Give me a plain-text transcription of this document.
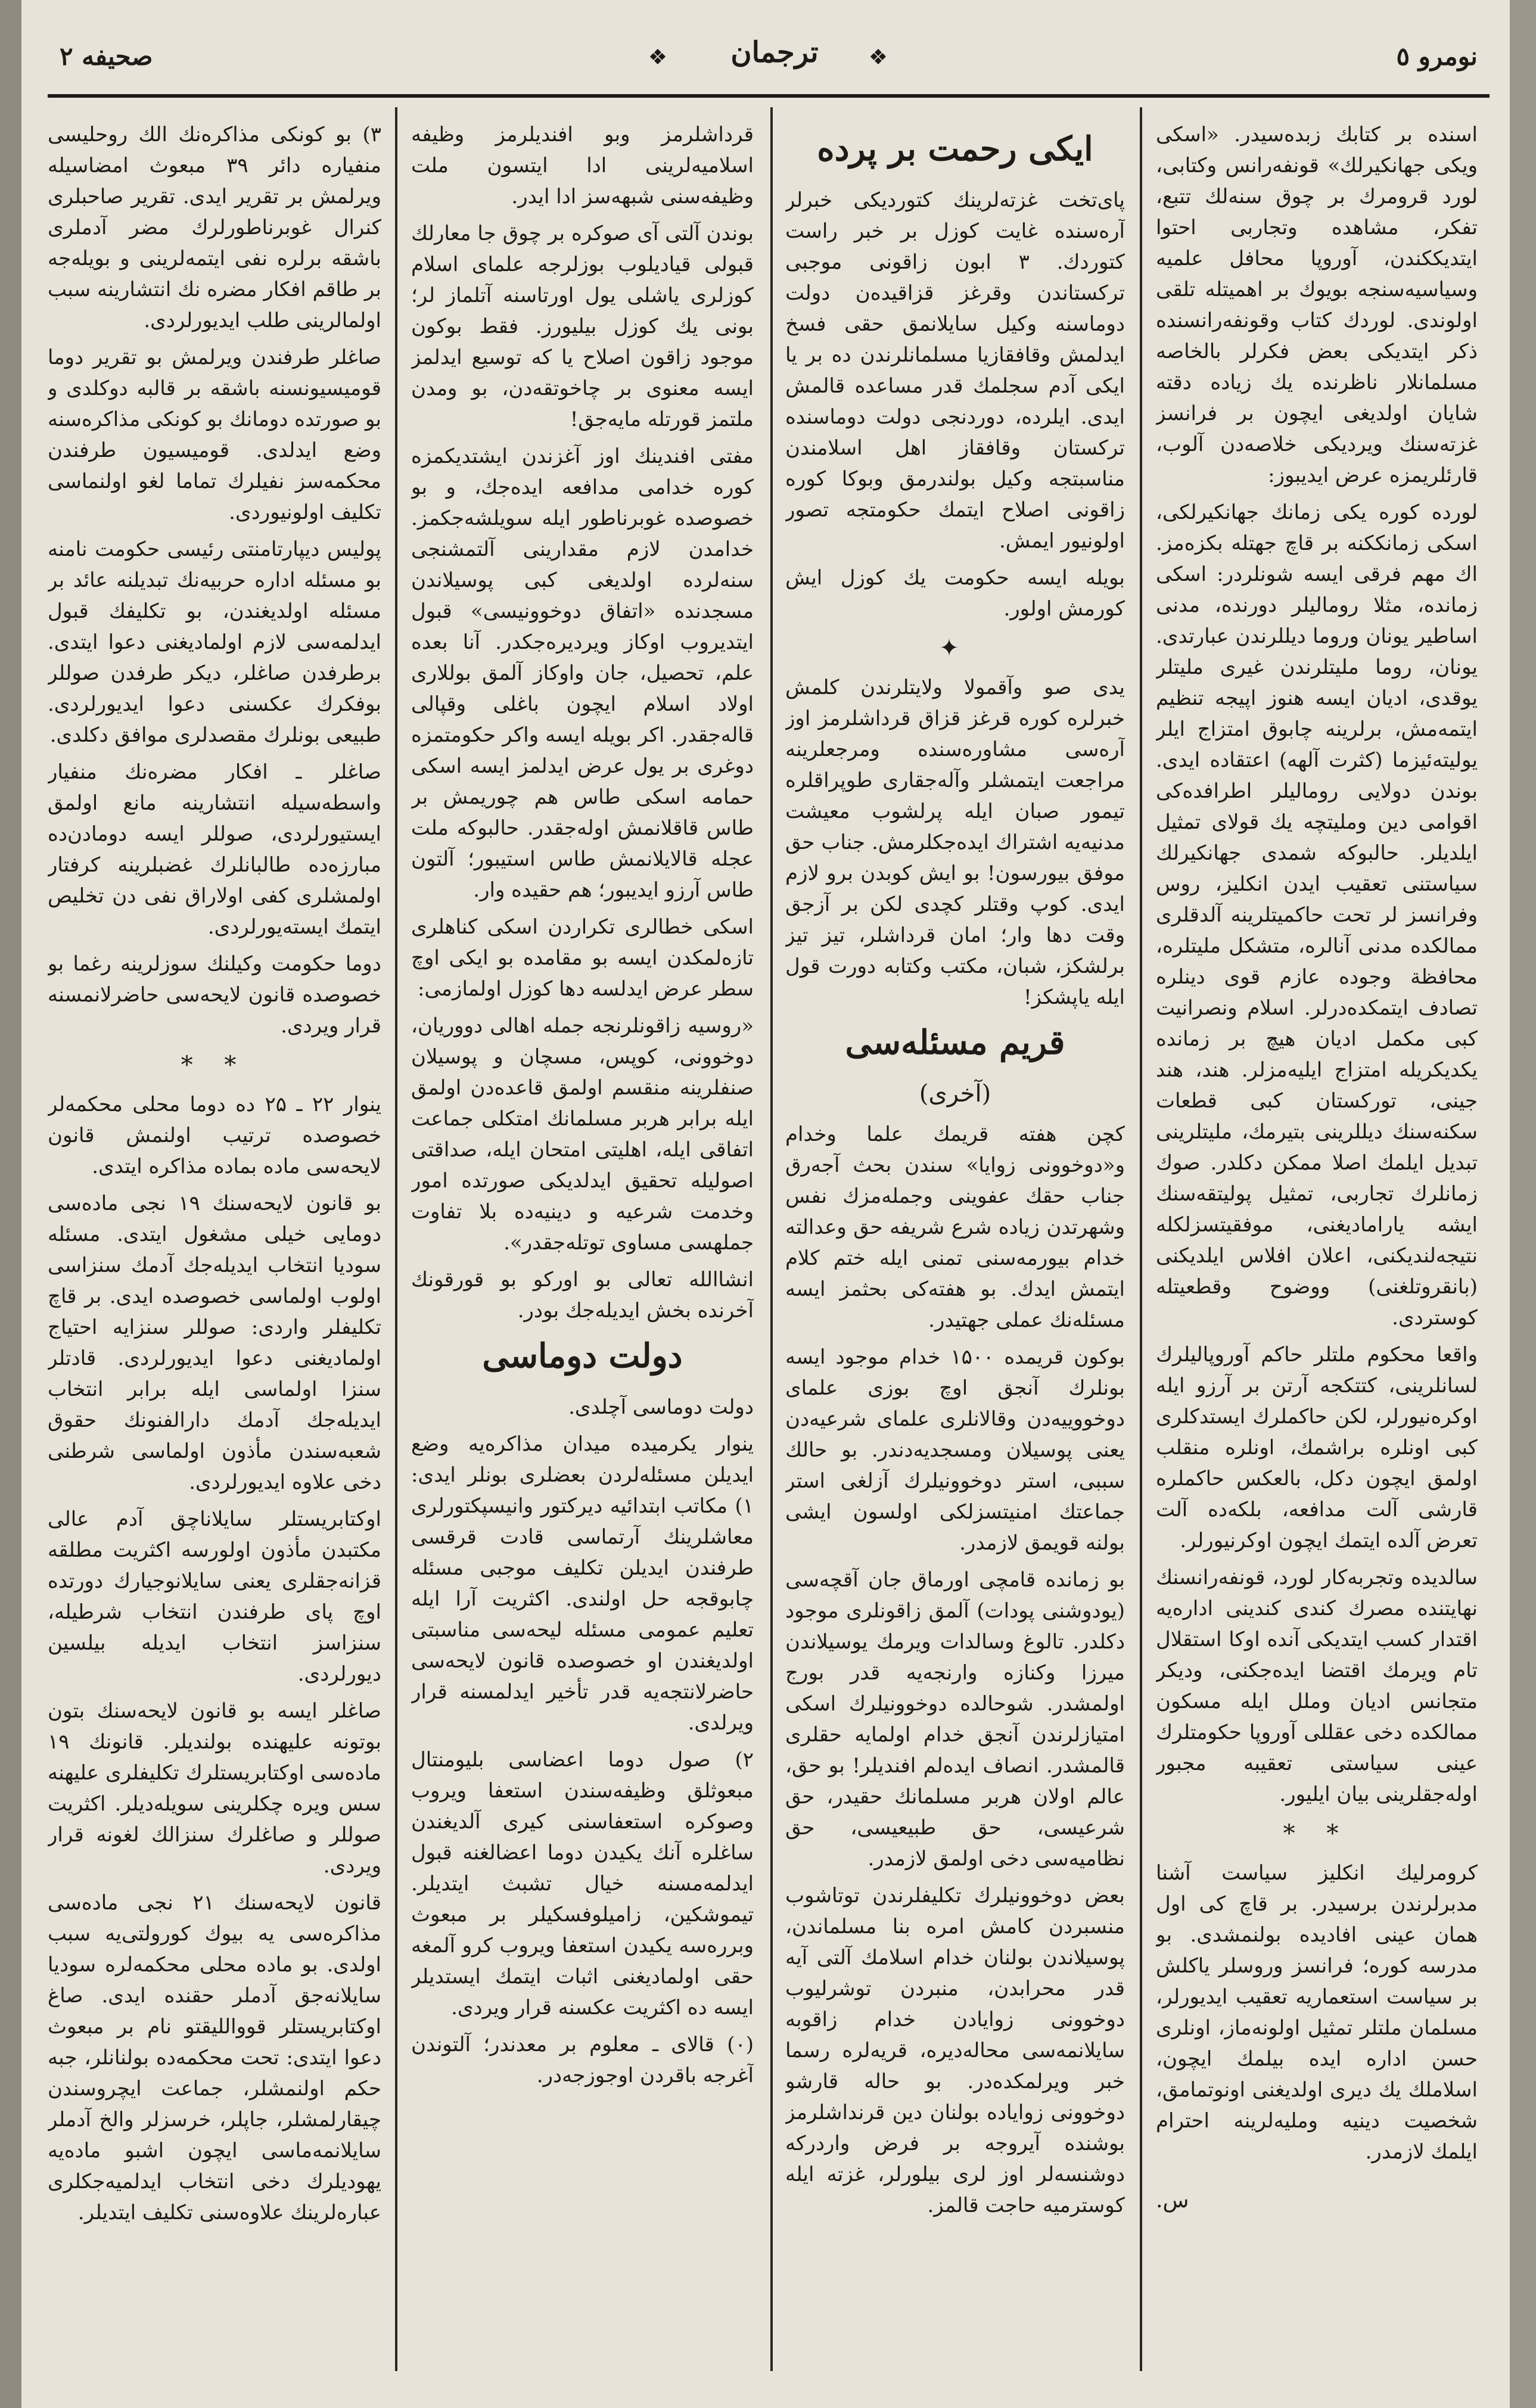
نومرو ٥
❖
ترجمان
❖
صحیفه ۲

اسنده بر کتابك زبده‌سیدر. «اسکی ویکی جهانکیرلك» قونفه‌رانس وکتابی، لورد قرومرك بر چوق سنه‌لك تتبع، تفکر، مشاهده وتجاربی احتوا ایتدیککندن، آوروپا محافل علمیه وسیاسیه‌سنجه بویوك بر اهمیتله تلقی اولوندی. لوردك کتاب وقونفه‌رانسنده ذکر ایتدیکی بعض فکرلر بالخاصه مسلمانلار ناظرنده یك زیاده دقته شایان اولدیغی ایچون بر فرانسز غزته‌سنك ویردیکی خلاصه‌دن آلوب، قارئلریمزه عرض ایدیبوز:

لورده کوره یکی زمانك جهانکیرلکی، اسکی زمانککنه بر قاچ جهتله بکزه‌مز. اك مهم فرقی ایسه شونلردر: اسکی زمانده، مثلا رومالیلر دورنده، مدنی اساطیر یونان وروما دیللرندن عبارتدی. یونان، روما ملیتلرندن غیری ملیتلر یوقدی، ادیان ایسه هنوز اپیجه تنظیم ایتمه‌مش، برلرینه چابوق امتزاج ایلر یولیته‌ئیزما (کثرت آلهه) اعتقاده ایدی. بوندن دولایی رومالیلر اطرافده‌کی اقوامی دین وملیتچه یك قولای تمثیل ایلدیلر. حالبوکه شمدی جهانکیرلك سیاستنی تعقیب ایدن انکلیز، روس وفرانسز لر تحت حاکمیتلرینه آلدقلری ممالکده مدنی آنالره، متشکل ملیتلره، محافظة وجوده عازم قوی دینلره تصادف ایتمکده‌درلر. اسلام ونصرانیت کبی مکمل ادیان هیچ بر زمانده یکدیکریله امتزاج ایلیه‌مزلر. هند، هند جینی، تورکستان کبی قطعات سکنه‌سنك دیللرینی بتیرمك، ملیتلرینی تبدیل ایلمك اصلا ممکن دکلدر. صوك زمانلرك تجاربی، تمثیل پولیتقه‌سنك ایشه یارامادیغنی، موفقیتسزلکله نتیجه‌لندیکنی، اعلان افلاس ایلدیکنی (بانقروتلغنی) ووضوح وقطعیتله کوستردی.

واقعا محکوم ملتلر حاکم آوروپالیلرك لسانلرینی، کتتکجه آرتن بر آرزو ایله اوکره‌نیورلر، لکن حاکملرك ایستدکلری کبی اونلره براشمك، اونلره منقلب اولمق ایچون دکل، بالعکس حاکملره قارشی آلت مدافعه، بلکه‌ده آلت تعرض آلده ایتمك ایچون اوکرنیورلر.

سالدیده وتجربه‌کار لورد، قونفه‌رانسنك نهایتنده مصرك کندی کندینی اداره‌یه اقتدار کسب ایتدیکی آنده اوکا استقلال تام ویرمك اقتضا ایده‌جکنی، ودیکر متجانس ادیان وملل ایله مسکون ممالکده دخی عقللی آوروپا حکومتلرك عینی سیاستی تعقیبه مجبور اوله‌جقلرینی بیان ایلیور.

* *

کرومرلیك انکلیز سیاست آشنا مدبرلرندن برسیدر. بر قاچ کی اول همان عینی افادیده بولنمشدی. بو مدرسه کوره؛ فرانسز وروسلر یاکلش بر سیاست استعماریه تعقیب ایدیورلر، مسلمان ملتلر تمثیل اولونه‌ماز، اونلری حسن اداره ایده بیلمك ایچون، اسلاملك یك دیری اولدیغنی اونوتمامق، شخصیت دینیه وملیه‌لرینه احترام ایلمك لازمدر.

س.
ایکی رحمت بر پرده

پای‌تخت غزته‌لرینك کتوردیکی خبرلر آره‌سنده غایت کوزل بر خبر راست کتوردك. ۳ ابون زاقونی موجبی ترکستاندن وقرغز قزاقیده‌ن دولت دوماسنه وکیل سایلانمق حقی فسخ ایدلمش وقافقازیا مسلمانلرندن ده بر یا ایکی آدم سجلمك قدر مساعده قالمش ایدی. ایلرده، دوردنجی دولت دوماسنده ترکستان وقافقاز اهل اسلامندن مناسبتجه وکیل بولندرمق وبوکا کوره زاقونی اصلاح ایتمك حکومتجه تصور اولونیور ایمش.

بویله ایسه حکومت یك کوزل ایش کورمش اولور.

✦

یدی صو وآقمولا ولایتلرندن کلمش خبرلره کوره قرغز قزاق قرداشلرمز اوز آره‌سی مشاوره‌سنده ومرجعلرینه مراجعت ایتمشلر وآله‌جقاری طوپراقلره تیمور صبان ایله پرلشوب معیشت مدنیه‌یه اشتراك ایده‌جکلرمش. جناب حق موفق بیورسون! بو ایش کوبدن برو لازم ایدی. کوپ وقتلر کچدی لکن بر آزجق وقت دها وار؛ امان قرداشلر، تیز تیز برلشکز، شبان، مکتب وکتابه دورت قول ایله یاپشکز!

قریم مسئله‌سی
(آخری)

کچن هفته قریمك علما وخدام و«دوخوونی زوایا» سندن بحث آجه‌رق جناب حقك عفوینی وجمله‌مزك نفس وشهرتدن زیاده شرع شریفه حق وعدالته خدام بیورمه‌سنی تمنی ایله ختم کلام ایتمش ایدك. بو هفته‌کی بحثمز ایسه مسئله‌نك عملی جهتیدر.

بوکون قریمده ۱۵۰۰ خدام موجود ایسه بونلرك آنجق اوچ بوزی علمای دوخووییه‌دن وقالانلری علمای شرعیه‌دن یعنی پوسیلان ومسجدیه‌دندر. بو حالك سببی، استر دوخوونیلرك آزلغی استر جماعتك امنیتسزلکی اولسون ایشی بولنه قویمق لازمدر.

بو زمانده قامچی اورماق جان آقچه‌سی (یودوشنی پودات) آلمق زاقونلری موجود دکلدر. تالوغ وسالدات ویرمك یوسیلاندن میرزا وکنازه وارنجه‌یه قدر بورج اولمشدر. شوحالده دوخوونیلرك اسکی امتیازلرندن آنجق خدام اولمایه حقلری قالمشدر. انصاف ایدەلم افندیلر! بو حق، عالم اولان هربر مسلمانك حقیدر، حق شرعیسی، حق طبیعیسی، حق نظامیه‌سی دخی اولمق لازمدر.

بعض دوخوونیلرك تکلیفلرندن توتاشوب منسبردن کامش امره بنا مسلماندن، پوسیلاندن بولنان خدام اسلامك آلتی آیه قدر محرابدن، منبردن توشرلیوب دوخوونی زوایادن خدام زاقوبه سایلانمه‌سی محاله‌دیره، قریه‌لره رسما خبر ویرلمکده‌در. بو حاله قارشو دوخوونی زوایاده بولنان دین قرنداشلرمز بوشنده آیروجه بر فرض واردرکه دوشنسه‌لر اوز لری بیلورلر، غزته ایله کوسترمیه حاجت قالمز.

قرداشلرمز وبو افندیلرمز وظیفه اسلامیه‌لرینی ادا ایتسون ملت وظیفه‌سنی شبهه‌سز ادا ایدر.

بوندن آلتی آی صوکره بر چوق جا معارلك قبولی قیادیلوب بوزلرجه علمای اسلام کوزلری یاشلی یول اورتاسنه آتلماز لر؛ بونی یك کوزل بیلیورز. فقط بوکون موجود زاقون اصلاح یا که توسیع ایدلمز ایسه معنوی بر چاخوتقه‌دن، بو ومدن ملتمز قورتله مایه‌جق!

مفتی افندینك اوز آغزندن ایشتدیکمزه کوره خدامی مدافعه ایده‌جك، و بو خصوصده غوبرناطور ایله سویلشه‌جکمز. خدامدن لازم مقدارینی آلتمشنجی سنه‌لرده اولدیغی کبی پوسیلاندن مسجدنده «اتفاق دوخوونیسی» قبول ایتدیروب اوکاز ویردیره‌جکدر. آنا بعده علم، تحصیل، جان واوکاز آلمق بوللاری اولاد اسلام ایچون باغلی وقپالی قاله‌جقدر. اکر بویله ایسه واکر حکومتمزه دوغری بر یول عرض ایدلمز ایسه اسکی حمامه اسکی طاس هم چوریمش بر طاس قاقلانمش اوله‌جقدر. حالبوکه ملت عجله قالایلانمش طاس استیبور؛ آلتون طاس آرزو ایدیبور؛ هم حقیده وار.

اسکی خطالری تکراردن اسکی کناهلری تازه‌لمکدن ایسه بو مقامده بو ایکی اوچ سطر عرض ایدلسه دها کوزل اولمازمی:

«روسیه زاقونلرنجه جمله اهالی دووریان، دوخوونی، کوپس، مسچان و پوسیلان صنفلرینه منقسم اولمق قاعده‌دن اولمق ایله برابر هربر مسلمانك امتکلی جماعت اتفاقی ایله، اهلیتی امتحان ایله، صداقتی اصولیله تحقیق ایدلدیکی صورتده امور وخدمت شرعیه و دینیه‌ده بلا تفاوت جملهسی مساوی توتله‌جقدر».

انشاالله تعالی بو اورکو بو قورقونك آخرنده بخش ایدیله‌جك بودر.

دولت دوماسی

دولت دوماسی آچلدی.

ینوار یکرمیده میدان مذاکره‌یه وضع ایدیلن مسئله‌لردن بعضلری بونلر ایدی: ۱) مکاتب ابتدائیه دیرکتور وانیسپکتورلری معاشلرینك آرتماسی قادت قرقسی طرفندن ایدیلن تکلیف موجبی مسئله چابوقجه حل اولندی. اکثریت آرا ایله تعلیم عمومی مسئله لیحه‌سی مناسبتی اولدیغندن او خصوصده قانون لایحه‌سی حاضرلانتجه‌یه قدر تأخیر ایدلمسنه قرار ویرلدی.

۲) صول دوما اعضاسی بلیومنتال مبعوثلق وظیفه‌سندن استعفا ویروب وصوکره استعفاسنی کیری آلدیغندن ساغلره آنك یکیدن دوما اعضالغنه قبول ایدلمه‌مسنه خیال تشبث ایتدیلر. تیموشکین، زامیلوفسکیلر بر مبعوث وبرره‌سه یکیدن استعفا ویروب کرو آلمغه حقی اولمادیغنی اثبات ایتمك ایستدیلر ایسه ده اکثریت عکسنه قرار ویردی.

(۰) قالای ـ معلوم بر معدندر؛ آلتوندن آغرجه باقردن اوجوزجه‌در.

۳) بو کونکی مذاکره‌نك الك روحلیسی منفیاره دائر ۳۹ مبعوث امضاسیله ویرلمش بر تقریر ایدی. تقریر صاحبلری کنرال غوبرناطورلرك مضر آدملری باشقه برلره نفی ایتمه‌لرینی و بویله‌جه بر طاقم افکار مضره نك انتشارینه سبب اولمالرینی طلب ایدیورلردی.

صاغلر طرفندن ویرلمش بو تقریر دوما قومیسیونسنه باشقه بر قالبه دوکلدی و بو صورتده دومانك بو کونکی مذاکره‌سنه وضع ایدلدی. قومیسیون طرفندن محکمه‌سز نفیلرك تماما لغو اولنماسی تکلیف اولونیوردی.

پولیس دیپارتامنتی رئیسی حکومت نامنه بو مسئله اداره حربیه‌نك تبدیلنه عائد بر مسئله اولدیغندن، بو تکلیفك قبول ایدلمه‌سی لازم اولمادیغنی دعوا ایتدی. برطرفدن صاغلر، دیکر طرفدن صوللر بوفکرك عکسنی دعوا ایدیورلردی. طبیعی بونلرك مقصدلری موافق دکلدی.

صاغلر ـ افکار مضره‌نك منفیار واسطه‌سیله انتشارینه مانع اولمق ایستیورلردی، صوللر ایسه دومادن‌ده مبارزه‌ده طالبانلرك غضبلرینه کرفتار اولمشلری کفی اولاراق نفی دن تخلیص ایتمك ایسته‌یورلردی.

دوما حکومت وکیلنك سوزلرینه رغما بو خصوصده قانون لایحه‌سی حاضرلانمسنه قرار ویردی.

* *

ینوار ۲۲ ـ ۲۵ ده دوما محلی محکمه‌لر خصوصده ترتیب اولنمش قانون لایحه‌سی ماده بماده مذاکره ایتدی.

بو قانون لایحه‌سنك ۱۹ نجی ماده‌سی دومایی خیلی مشغول ایتدی. مسئله سودیا انتخاب ایدیله‌جك آدمك سنزاسی اولوب اولماسی خصوصده ایدی. بر قاچ تکلیفلر واردی: صوللر سنزایه احتیاج اولمادیغنی دعوا ایدیورلردی. قادتلر سنزا اولماسی ایله برابر انتخاب ایدیله‌جك آدمك دارالفنونك حقوق شعبه‌سندن مأذون اولماسی شرطنی دخی علاوه ایدیورلردی.

اوکتابریستلر سایلاناچق آدم عالی مکتبدن مأذون اولورسه اکثریت مطلقه قزانه‌جقلری یعنی سایلانوجیارك دورتده اوچ پای طرفندن انتخاب شرطیله، سنزاسز انتخاب ایدیله بیلسین دیورلردی.

صاغلر ایسه بو قانون لایحه‌سنك بتون بوتونه علیهنده بولندیلر. قانونك ۱۹ ماده‌سی اوکتابریستلرك تکلیفلری علیهنه سس ویره چکلرینی سویله‌دیلر. اکثریت صوللر و صاغلرك سنزالك لغونه قرار ویردی.

قانون لایحه‌سنك ۲۱ نجی ماده‌سی مذاکره‌سی یه بیوك کورولتی‌یه سبب اولدی. بو ماده محلی محکمه‌لره سودیا سایلانه‌جق آدملر حقنده ایدی. صاغ اوکتابریستلر قوواللیقتو نام بر مبعوث دعوا ایتدی: تحت محکمه‌ده بولنانلر، جبه حکم اولنمشلر، جماعت ایچروسندن چیقارلمشلر، جاپلر، خرسزلر والخ آدملر سایلانمه‌ماسی ایچون اشبو ماده‌یه یهودیلرك دخی انتخاب ایدلمیه‌جکلری عباره‌لرینك علاوه‌سنی تکلیف ایتدیلر.
